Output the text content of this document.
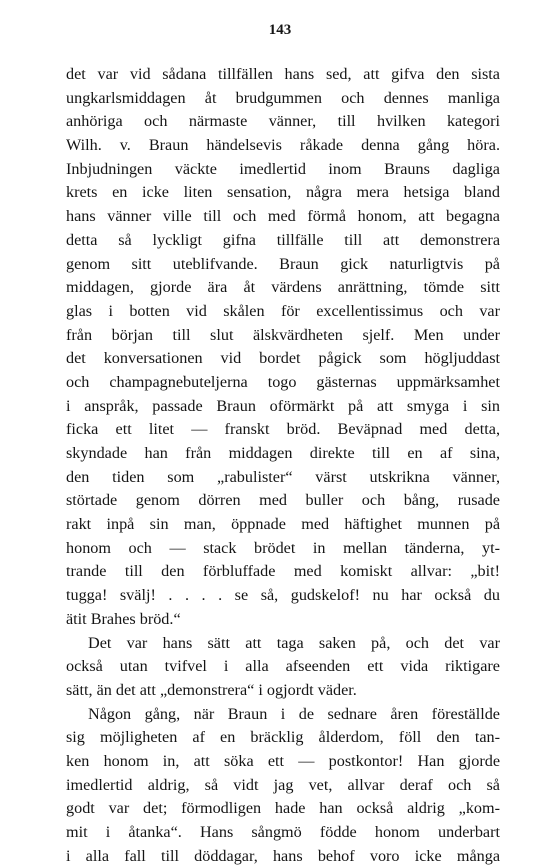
143
det var vid sådana tillfällen hans sed, att gifva den sista
ungkarlsmiddagen åt brudgummen och dennes manliga
anhöriga och närmaste vänner, till hvilken kategori
Wilh. v. Braun händelsevis råkade denna gång höra.
Inbjudningen väckte imedlertid inom Brauns dagliga
krets en icke liten sensation, några mera hetsiga bland
hans vänner ville till och med förmå honom, att begagna
detta så lyckligt gifna tillfälle till att demonstrera
genom sitt uteblifvande. Braun gick naturligtvis på
middagen, gjorde ära åt värdens anrättning, tömde sitt
glas i botten vid skålen för excellentissimus och var
från början till slut älskvärdheten sjelf. Men under
det konversationen vid bordet pågick som högljuddast
och champagnebuteljerna togo gästernas uppmärksamhet
i anspråk, passade Braun oförmärkt på att smyga i sin
ficka ett litet — franskt bröd. Beväpnad med detta,
skyndade han från middagen direkte till en af sina,
den tiden som „rabulister“ värst utskrikna vänner,
störtade genom dörren med buller och bång, rusade
rakt inpå sin man, öppnade med häftighet munnen på
honom och — stack brödet in mellan tänderna, yt-
trande till den förbluffade med komiskt allvar: „bit!
tugga! svälj! . . . . se så, gudskelof! nu har också du
ätit Brahes bröd.“
Det var hans sätt att taga saken på, och det var
också utan tvifvel i alla afseenden ett vida riktigare
sätt, än det att „demonstrera“ i ogjordt väder.
Någon gång, när Braun i de sednare åren föreställde
sig möjligheten af en bräcklig ålderdom, föll den tan-
ken honom in, att söka ett — postkontor! Han gjorde
imedlertid aldrig, så vidt jag vet, allvar deraf och så
godt var det; förmodligen hade han också aldrig „kom-
mit i åtanka“. Hans sångmö födde honom underbart
i alla fall till döddagar, hans behof voro icke många
